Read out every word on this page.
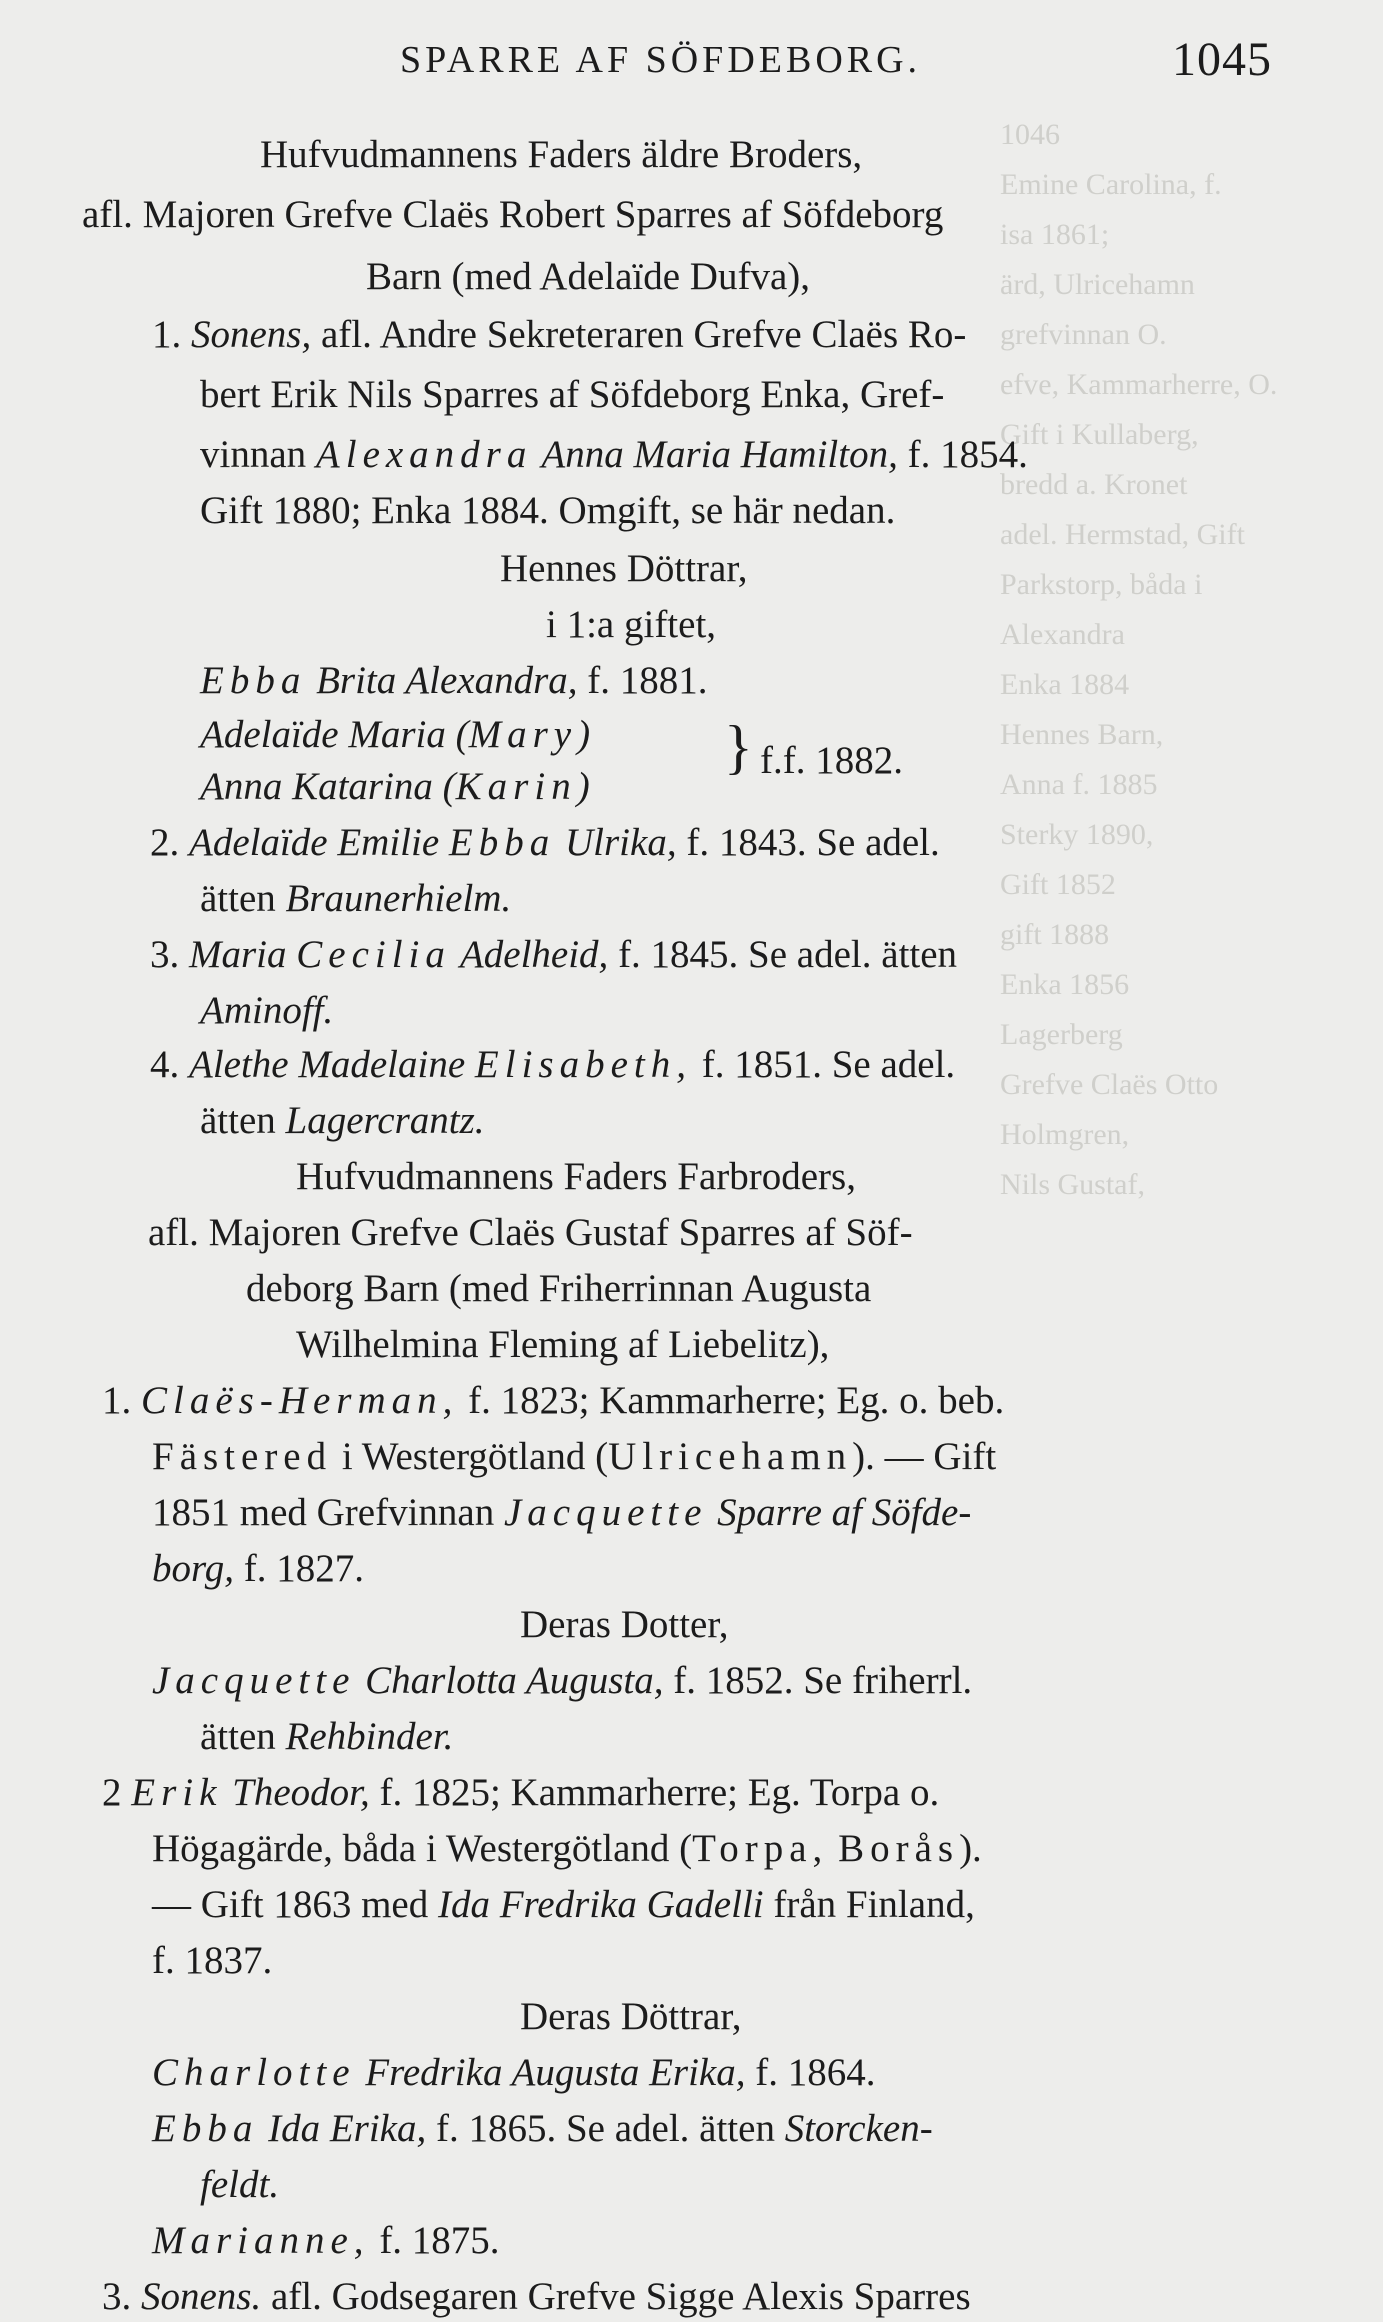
1046
Emine Carolina, f.
isa 1861;
ärd, Ulricehamn
grefvinnan O.
efve, Kammarherre, O.
Gift i Kullaberg,
bredd a. Kronet
adel. Hermstad, Gift
Parkstorp, båda i
Alexandra
Enka 1884
Hennes Barn,
Anna f. 1885
Sterky 1890,
Gift 1852
gift 1888
Enka 1856
Lagerberg
Grefve Claës Otto
Holmgren,
Nils Gustaf,
SPARRE AF SÖFDEBORG.	1045
Hufvudmannens Faders äldre Broders,
afl. Majoren Grefve Claës Robert Sparres af Söfdeborg
Barn (med Adelaïde Dufva),
1. Sonens, afl. Andre Sekreteraren Grefve Claës Ro-
bert Erik Nils Sparres af Söfdeborg Enka, Gref-
vinnan Alexandra Anna Maria Hamilton, f. 1854.
Gift 1880; Enka 1884. Omgift, se här nedan.
Hennes Döttrar,
i 1:a giftet,
Ebba Brita Alexandra, f. 1881.
Adelaïde Maria (Mary)
Anna Katarina (Karin)
} f.f. 1882.
2. Adelaïde Emilie Ebba Ulrika, f. 1843. Se adel.
ätten Braunerhielm.
3. Maria Cecilia Adelheid, f. 1845. Se adel. ätten
Aminoff.
4. Alethe Madelaine Elisabeth, f. 1851. Se adel.
ätten Lagercrantz.
Hufvudmannens Faders Farbroders,
afl. Majoren Grefve Claës Gustaf Sparres af Söf-
deborg Barn (med Friherrinnan Augusta
Wilhelmina Fleming af Liebelitz),
1. Claës-Herman, f. 1823; Kammarherre; Eg. o. beb.
Fästered i Westergötland (Ulricehamn). — Gift
1851 med Grefvinnan Jacquette Sparre af Söfde-
borg, f. 1827.
Deras Dotter,
Jacquette Charlotta Augusta, f. 1852. Se friherrl.
ätten Rehbinder.
2 Erik Theodor, f. 1825; Kammarherre; Eg. Torpa o.
Högagärde, båda i Westergötland (Torpa, Borås).
— Gift 1863 med Ida Fredrika Gadelli från Finland,
f. 1837.
Deras Döttrar,
Charlotte Fredrika Augusta Erika, f. 1864.
Ebba Ida Erika, f. 1865. Se adel. ätten Storcken-
feldt.
Marianne, f. 1875.
3. Sonens. afl. Godsegaren Grefve Sigge Alexis Sparres
